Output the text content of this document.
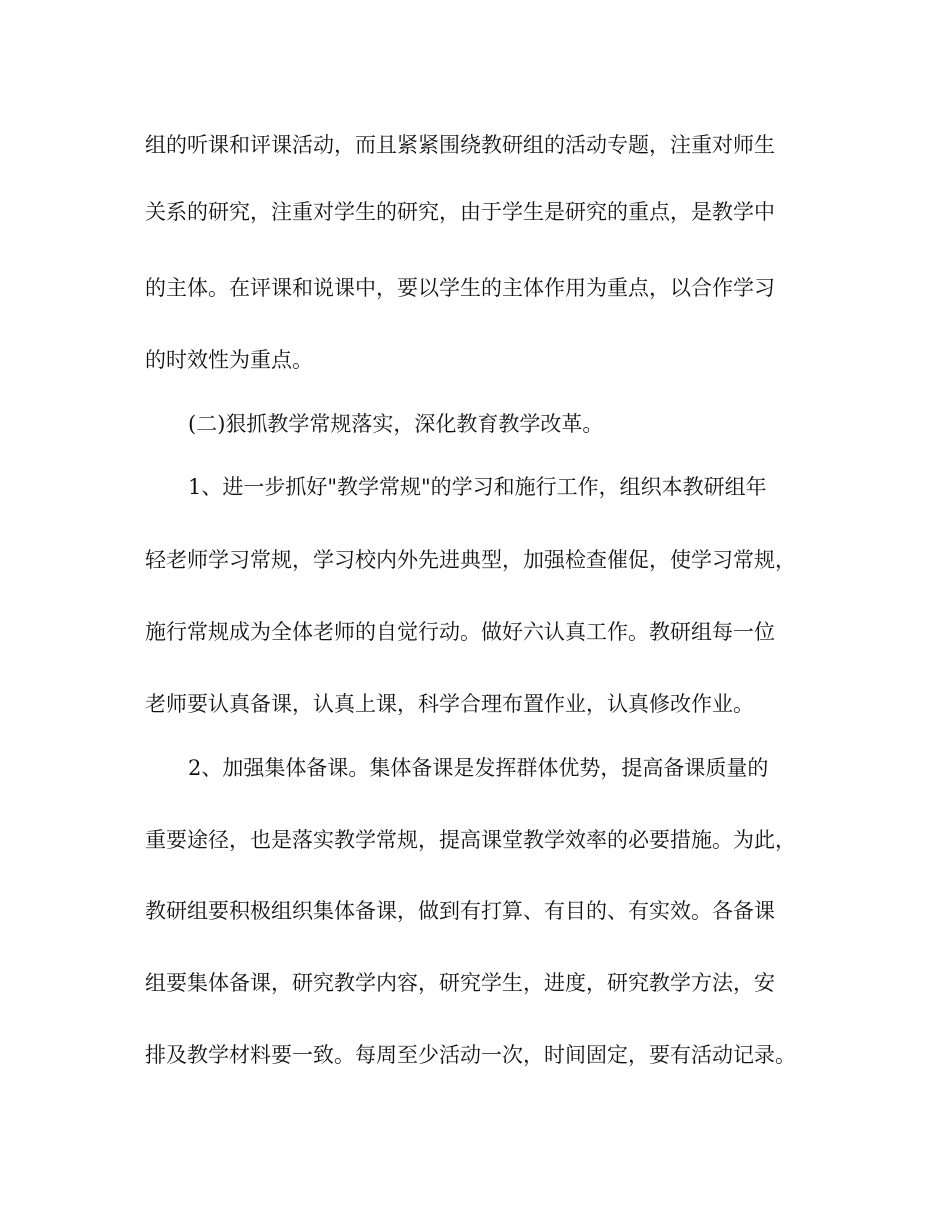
组的听课和评课活动，而且紧紧围绕教研组的活动专题，注重对师生
关系的研究，注重对学生的研究，由于学生是研究的重点，是教学中
的主体。在评课和说课中，要以学生的主体作用为重点，以合作学习
的时效性为重点。
(二)狠抓教学常规落实，深化教育教学改革。
1、进一步抓好"教学常规"的学习和施行工作，组织本教研组年
轻老师学习常规，学习校内外先进典型，加强检查催促，使学习常规，
施行常规成为全体老师的自觉行动。做好六认真工作。教研组每一位
老师要认真备课，认真上课，科学合理布置作业，认真修改作业。
2、加强集体备课。集体备课是发挥群体优势，提高备课质量的
重要途径，也是落实教学常规，提高课堂教学效率的必要措施。为此，
教研组要积极组织集体备课，做到有打算、有目的、有实效。各备课
组要集体备课，研究教学内容，研究学生，进度，研究教学方法，安
排及教学材料要一致。每周至少活动一次，时间固定，要有活动记录。
